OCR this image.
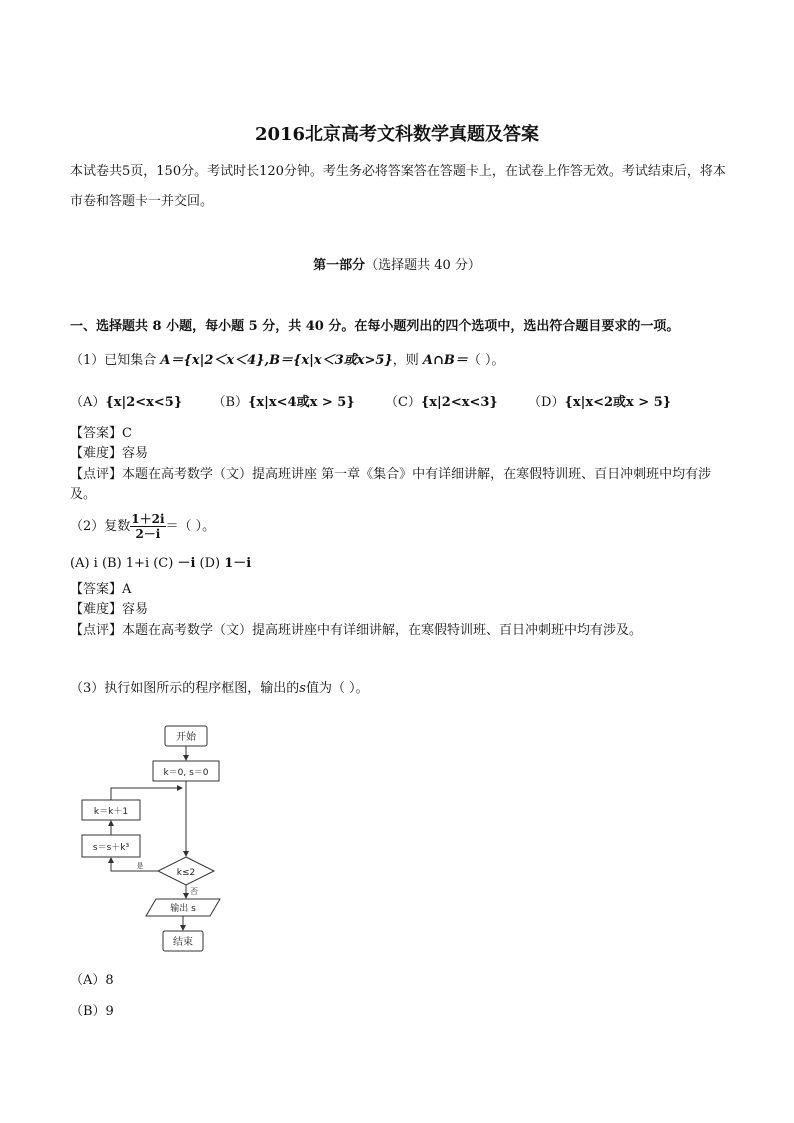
2016北京高考文科数学真题及答案
本试卷共5页，150分。考试时长120分钟。考生务必将答案答在答题卡上，在试卷上作答无效。考试结束后，将本市卷和答题卡一并交回。
第一部分（选择题共 40 分）
一、选择题共 8 小题，每小题 5 分，共 40 分。在每小题列出的四个选项中，选出符合题目要求的一项。
（1）已知集合 A＝{x|2＜x＜4},B＝{x|x＜3或x>5}，则 A∩B＝（ ）。
（A）{x|2<x<5} （B）{x|x<4或x > 5} （C）{x|2<x<3} （D）{x|x<2或x > 5}
【答案】C
【难度】容易
【点评】本题在高考数学（文）提高班讲座 第一章《集合》中有详细讲解，在寒假特训班、百日冲刺班中均有涉及。
（2）复数 $\frac{1+2i}{2-i}$ ＝（ ）。
(A) i (B) 1+i (C) －i (D) 1－i
【答案】A
【难度】容易
【点评】本题在高考数学（文）提高班讲座中有详细讲解，在寒假特训班、百日冲刺班中均有涉及。
（3）执行如图所示的程序框图，输出的s值为（ ）。
开始
k＝0, s＝0
k＝k＋1
s＝s＋k³
k≤2
是
否
输出 s
结束
（A）8
（B）9
